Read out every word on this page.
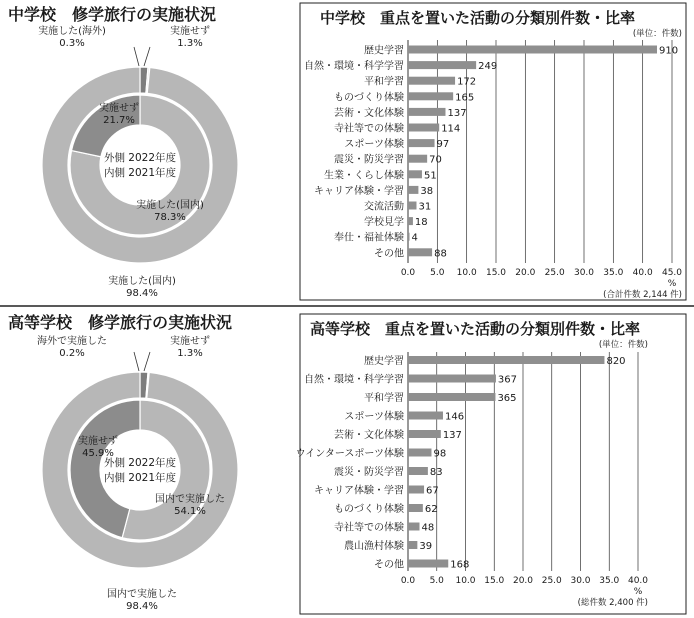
中学校　修学旅行の実施状況
外側 2022年度
内側 2021年度
実施した(海外)
0.3%
実施せず
1.3%
実施せず
21.7%
実施した(国内)
78.3%
実施した(国内)
98.4%
高等学校　修学旅行の実施状況
外側 2022年度
内側 2021年度
海外で実施した
0.2%
実施せず
1.3%
実施せず
45.9%
国内で実施した
54.1%
国内で実施した
98.4%
中学校　重点を置いた活動の分類別件数・比率
(単位：件数)
0.0 5.0 10.0 15.0 20.0 25.0 30.0 35.0 40.0 45.0
%
(合計件数 2,144 件)
歴史学習	910
自然・環境・科学学習	249
平和学習	172
ものづくり体験	165
芸術・文化体験	137
寺社等での体験	114
スポーツ体験	97
震災・防災学習	70
生業・くらし体験 51
キャリア体験・学習 38
交流活動 31
学校見学 18
奉仕・福祉体験 4
その他	88
高等学校　重点を置いた活動の分類別件数・比率
(単位：件数)
0.0 5.0 10.0 15.0 20.0 25.0 30.0 35.0 40.0
%
(総件数 2,400 件)
歴史学習	820
自然・環境・科学学習	367
平和学習	365
スポーツ体験	146
芸術・文化体験	137
ウインタースポーツ体験	98
震災・防災学習	83
キャリア体験・学習 67
ものづくり体験 62
寺社等での体験 48
農山漁村体験 39
その他	168
